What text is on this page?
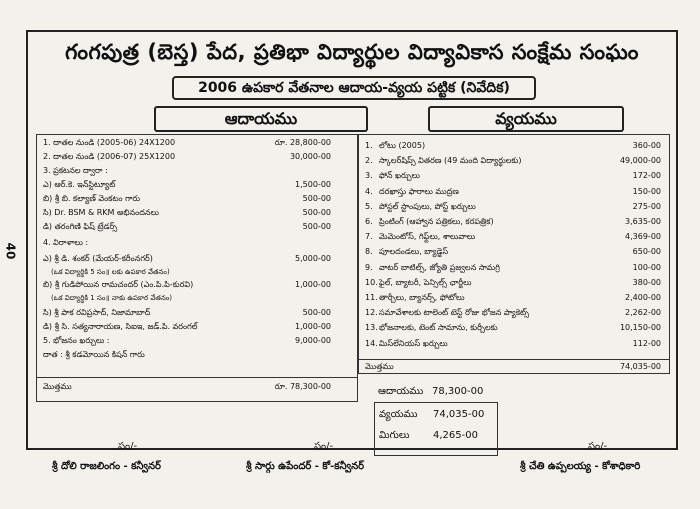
40
గంగపుత్ర (బెస్త) పేద, ప్రతిభా విద్యార్థుల విద్యావికాస సంక్షేమ సంఘం
2006 ఉపకార వేతనాల ఆదాయ-వ్యయ పట్టిక (నివేదిక)
ఆదాయము	వ్యయము
1. దాతల నుండి (2005-06) 24X1200	రూ. 28,800-00
2. దాతల నుండి (2006-07) 25X1200	30,000-00
3. ప్రకటనల ద్వారా :
ఎ) ఆర్.కె. ఇన్‌స్టిట్యూట్	1,500-00
బి) శ్రీ బి. కల్యాణ్ వెంకటం గారు	500-00
సి) Dr. BSM & RKM అభినందనలు	500-00
డి) తరంగిణి ఫిష్ ట్రేడర్స్	500-00
4. విరాళాలు :
ఎ) శ్రీ డి. శంకర్ (మేయర్-కరీంనగర్)	5,000-00
(ఒక విద్యార్థికి 5 సం॥ లకు ఉపకార వేతనం)
బి) శ్రీ గుడిపోయిన రామచందర్ (ఎం.పి.పి-కురవి)	1,000-00
(ఒక విద్యార్థికి 1 సం॥ నాకు ఉపకార వేతనం)
సి) శ్రీ పాక రవిప్రసాద్, నిజామాబాద్	500-00
డి) శ్రీ సి. సత్యనారాయణ, సిఐఇ, జడ్.పి. వరంగల్	1,000-00
5. భోజనం ఖర్చులు :	9,000-00
దాత : శ్రీ కడమోయిన కిషన్ గారు
మొత్తము	రూ. 78,300-00
1. లోటు (2005)	360-00
2. స్కాలర్‌షిప్స్ వితరణ (49 మంది విద్యార్థులకు)	49,000-00
3. ఫోన్ ఖర్చులు	172-00
4. దరఖాస్తు ఫారాలు ముద్రణ	150-00
5. పోస్టల్ స్టాంపులు, పోస్ట్ ఖర్చులు	275-00
6. ప్రింటింగ్ (ఆహ్వాన పత్రికలు, కరపత్రిక)	3,635-00
7. మెమెంటోస్, గిఫ్ట్‌లు, శాలువాలు	4,369-00
8. పూలదండలు, బ్యాడ్జెస్	650-00
9. వాటర్ బాటిల్స్, జ్యోతి ప్రజ్వలన సామగ్రి	100-00
10. ఫైల్, బ్యాటరీ, పెన్సిల్స్ ఛార్జీలు	380-00
11. తార్చీలు, బ్యానర్స్, ఫోటోలు	2,400-00
12. సమావేశాలకు టాలెంట్ టెస్ట్ రోజు భోజన ప్యాకెట్స్	2,262-00
13. భోజనాలకు, టెంట్ సామాను, కుర్చీలకు	10,150-00
14. మిస్‌లేనియస్ ఖర్చులు	112-00
మొత్తము	74,035-00
ఆదాయము 78,300-00
వ్యయము 74,035-00
మిగులు 4,265-00
సం/-	సం/-	సం/-
శ్రీ దోలి రాజలింగం - కన్వీనర్	శ్రీ సార్గు ఉపేందర్ - కో-కన్వీనర్	శ్రీ చేతి ఉప్పలయ్య - కోశాధికారి
